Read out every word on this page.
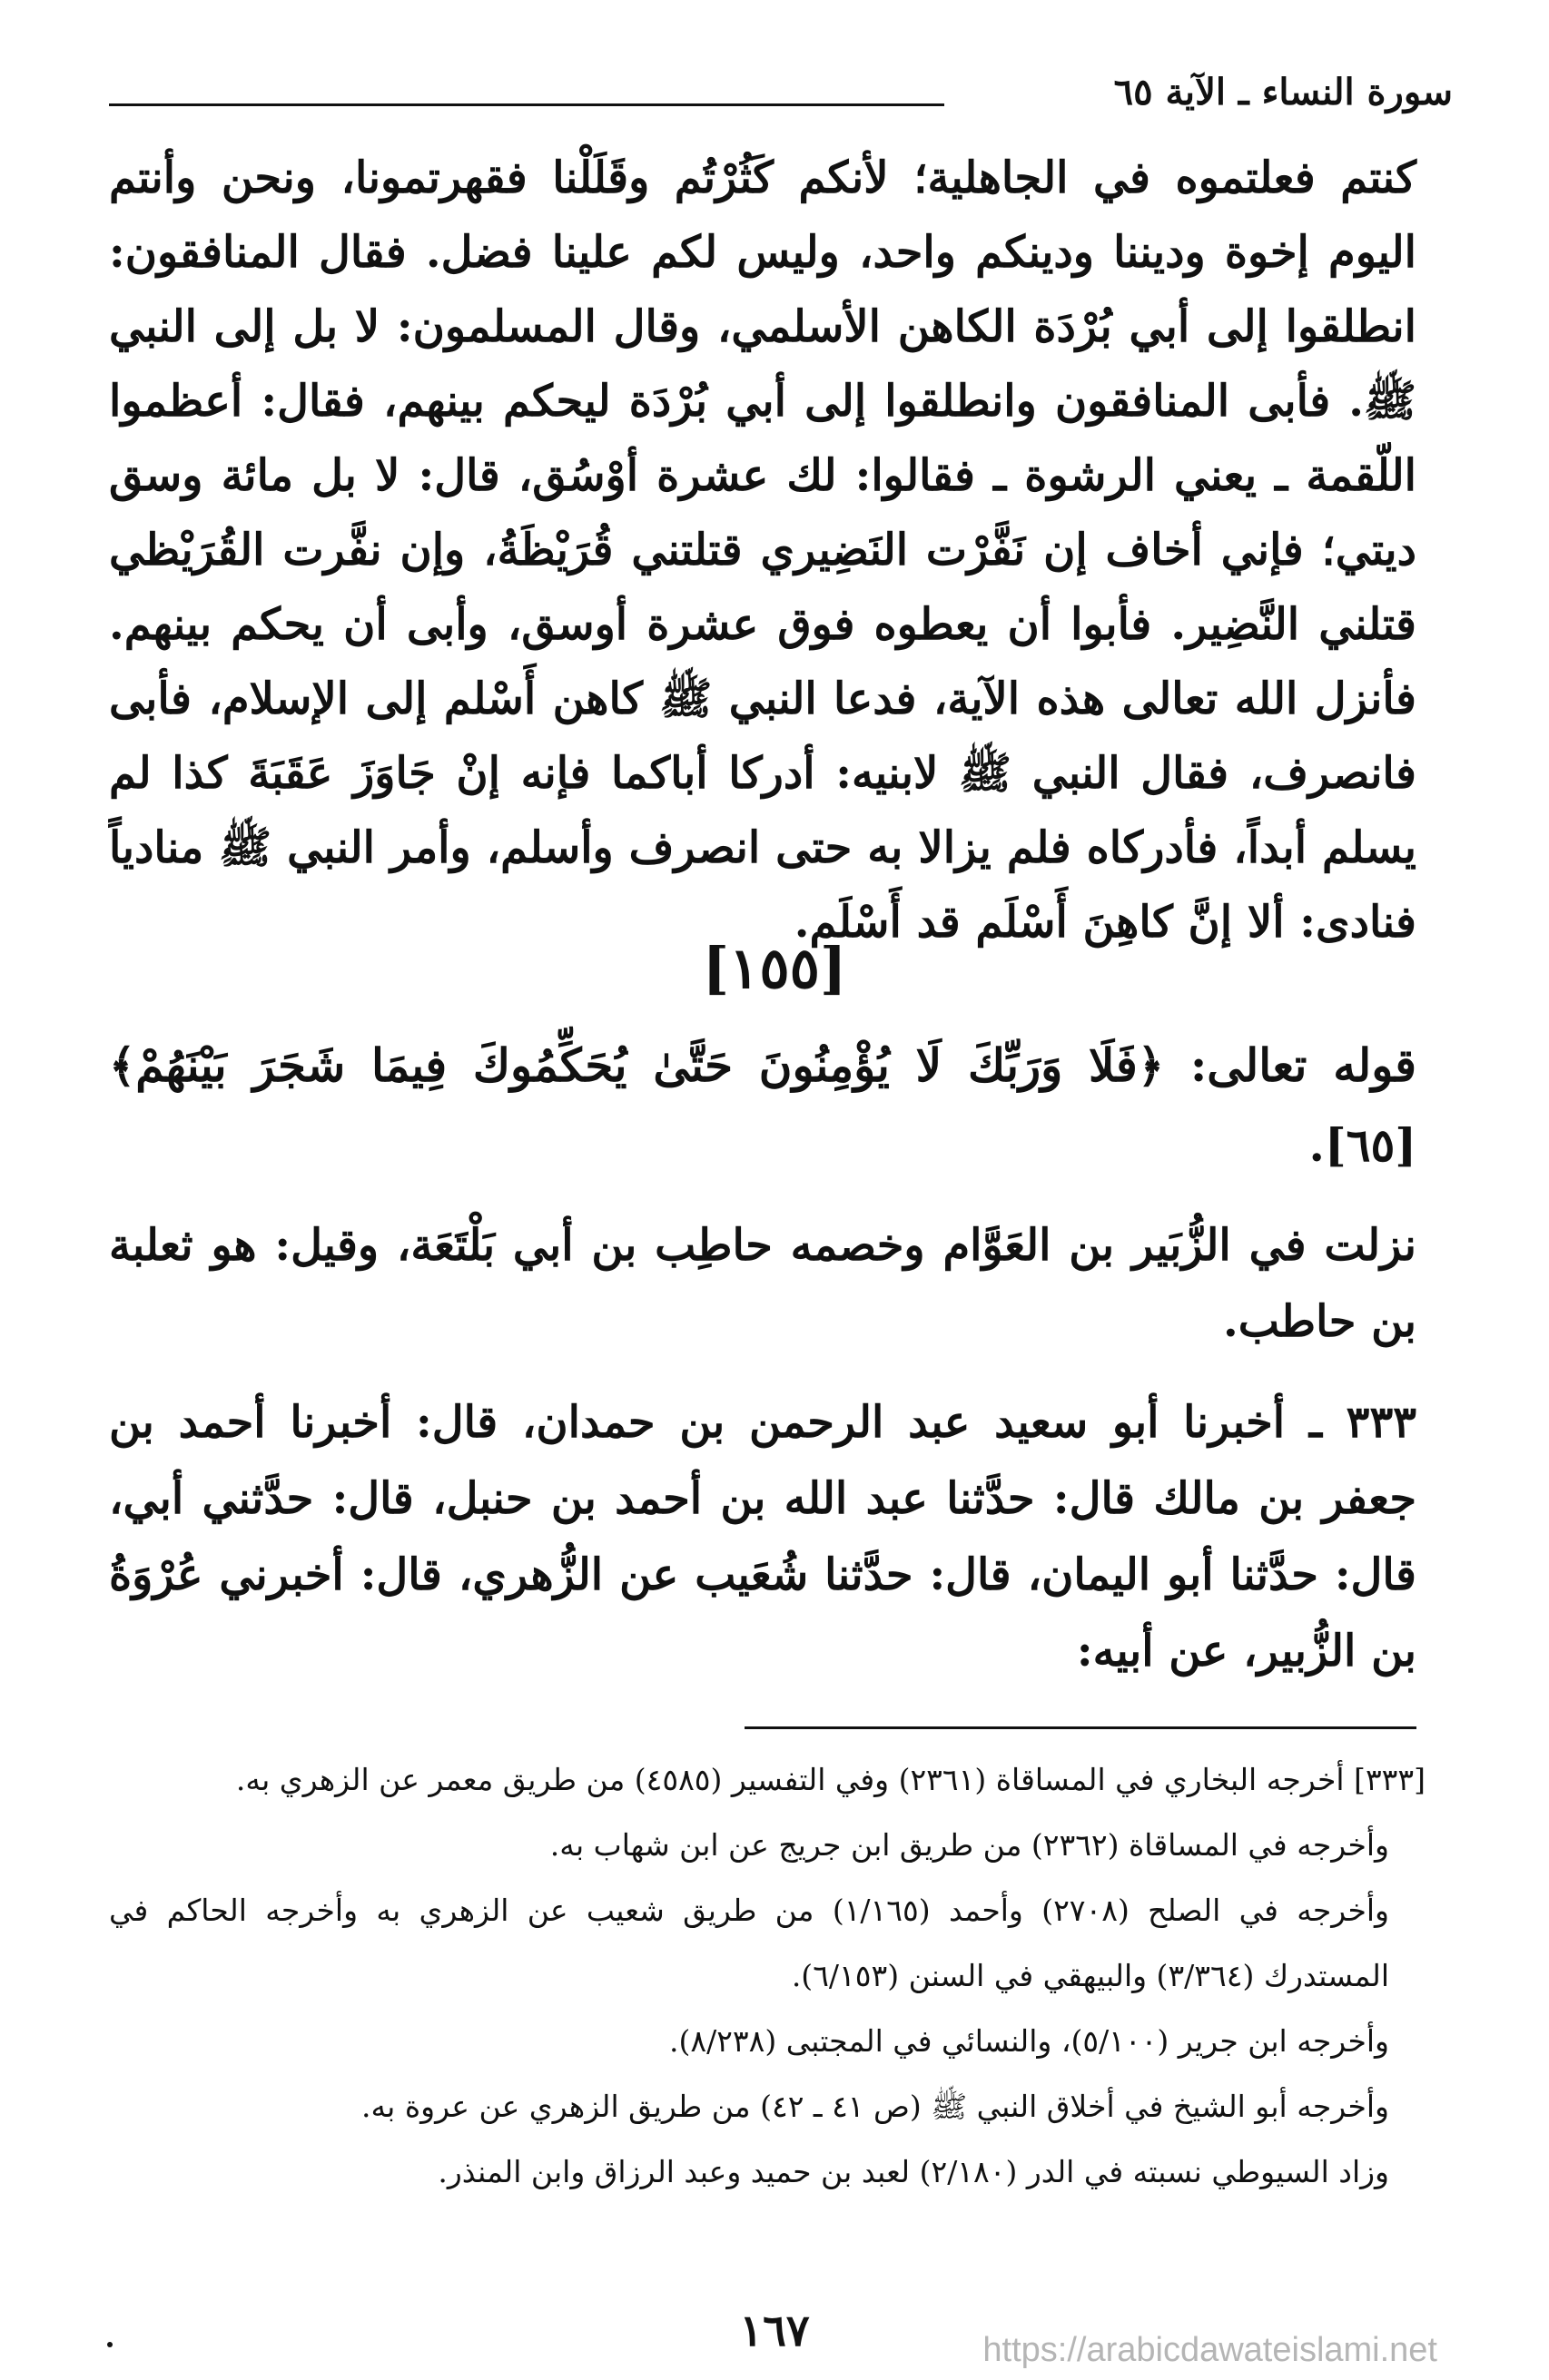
سورة النساء ـ الآية ٦٥
كنتم فعلتموه في الجاهلية؛ لأنكم كَثُرْتُم وقَلَلْنا فقهرتمونا، ونحن وأنتم اليوم إخوة وديننا ودينكم واحد، وليس لكم علينا فضل. فقال المنافقون: انطلقوا إلى أبي بُرْدَة الكاهن الأسلمي، وقال المسلمون: لا بل إلى النبي ﷺ. فأبى المنافقون وانطلقوا إلى أبي بُرْدَة ليحكم بينهم، فقال: أعظموا اللّقمة ـ يعني الرشوة ـ فقالوا: لك عشرة أوْسُق، قال: لا بل مائة وسق ديتي؛ فإني أخاف إن نَفَّرْت النَضِيري قتلتني قُرَيْظَةُ، وإن نفَّرت القُرَيْظي قتلني النَّضِير. فأبوا أن يعطوه فوق عشرة أوسق، وأبى أن يحكم بينهم. فأنزل الله تعالى هذه الآية، فدعا النبي ﷺ كاهن أَسْلم إلى الإسلام، فأبى فانصرف، فقال النبي ﷺ لابنيه: أدركا أباكما فإنه إنْ جَاوَزَ عَقَبَةَ كذا لم يسلم أبداً، فأدركاه فلم يزالا به حتى انصرف وأسلم، وأمر النبي ﷺ منادياً فنادى: ألا إنَّ كاهِنَ أَسْلَم قد أَسْلَم.
[١٥٥]
قوله تعالى: ﴿فَلَا وَرَبِّكَ لَا يُؤْمِنُونَ حَتَّىٰ يُحَكِّمُوكَ فِيمَا شَجَرَ بَيْنَهُمْ﴾ [٦٥].
نزلت في الزُّبَير بن العَوَّام وخصمه حاطِب بن أبي بَلْتَعَة، وقيل: هو ثعلبة بن حاطب.
٣٣٣ ـ أخبرنا أبو سعيد عبد الرحمن بن حمدان، قال: أخبرنا أحمد بن جعفر بن مالك قال: حدَّثنا عبد الله بن أحمد بن حنبل، قال: حدَّثني أبي، قال: حدَّثنا أبو اليمان، قال: حدَّثنا شُعَيب عن الزُّهري، قال: أخبرني عُرْوَةُ بن الزُّبير، عن أبيه:

[٣٣٣] أخرجه البخاري في المساقاة (٢٣٦١) وفي التفسير (٤٥٨٥) من طريق معمر عن الزهري به.

وأخرجه في المساقاة (٢٣٦٢) من طريق ابن جريج عن ابن شهاب به.

وأخرجه في الصلح (٢٧٠٨) وأحمد (١/١٦٥) من طريق شعيب عن الزهري به وأخرجه الحاكم في المستدرك (٣/٣٦٤) والبيهقي في السنن (٦/١٥٣).

وأخرجه ابن جرير (٥/١٠٠)، والنسائي في المجتبى (٨/٢٣٨).

وأخرجه أبو الشيخ في أخلاق النبي ﷺ (ص ٤١ ـ ٤٢) من طريق الزهري عن عروة به.

وزاد السيوطي نسبته في الدر (٢/١٨٠) لعبد بن حميد وعبد الرزاق وابن المنذر.

١٦٧	https://arabicdawateislami.net
